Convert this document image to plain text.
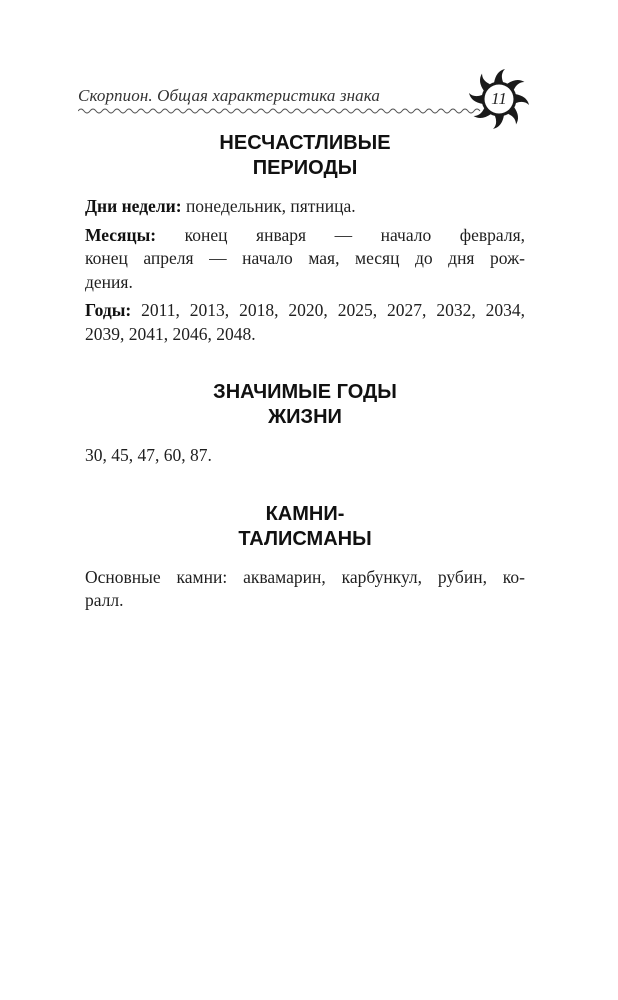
Скорпион. Общая характеристика знака	11
НЕСЧАСТЛИВЫЕ
ПЕРИОДЫ

Дни недели: понедельник, пятница.

Месяцы: конец января — начало февраля,
конец апреля — начало мая, месяц до дня рож-
дения.

Годы: 2011, 2013, 2018, 2020, 2025, 2027, 2032, 2034,
2039, 2041, 2046, 2048.

ЗНАЧИМЫЕ ГОДЫ
ЖИЗНИ

30, 45, 47, 60, 87.

КАМНИ-
ТАЛИСМАНЫ

Основные камни: аквамарин, карбункул, рубин, ко-
ралл.
